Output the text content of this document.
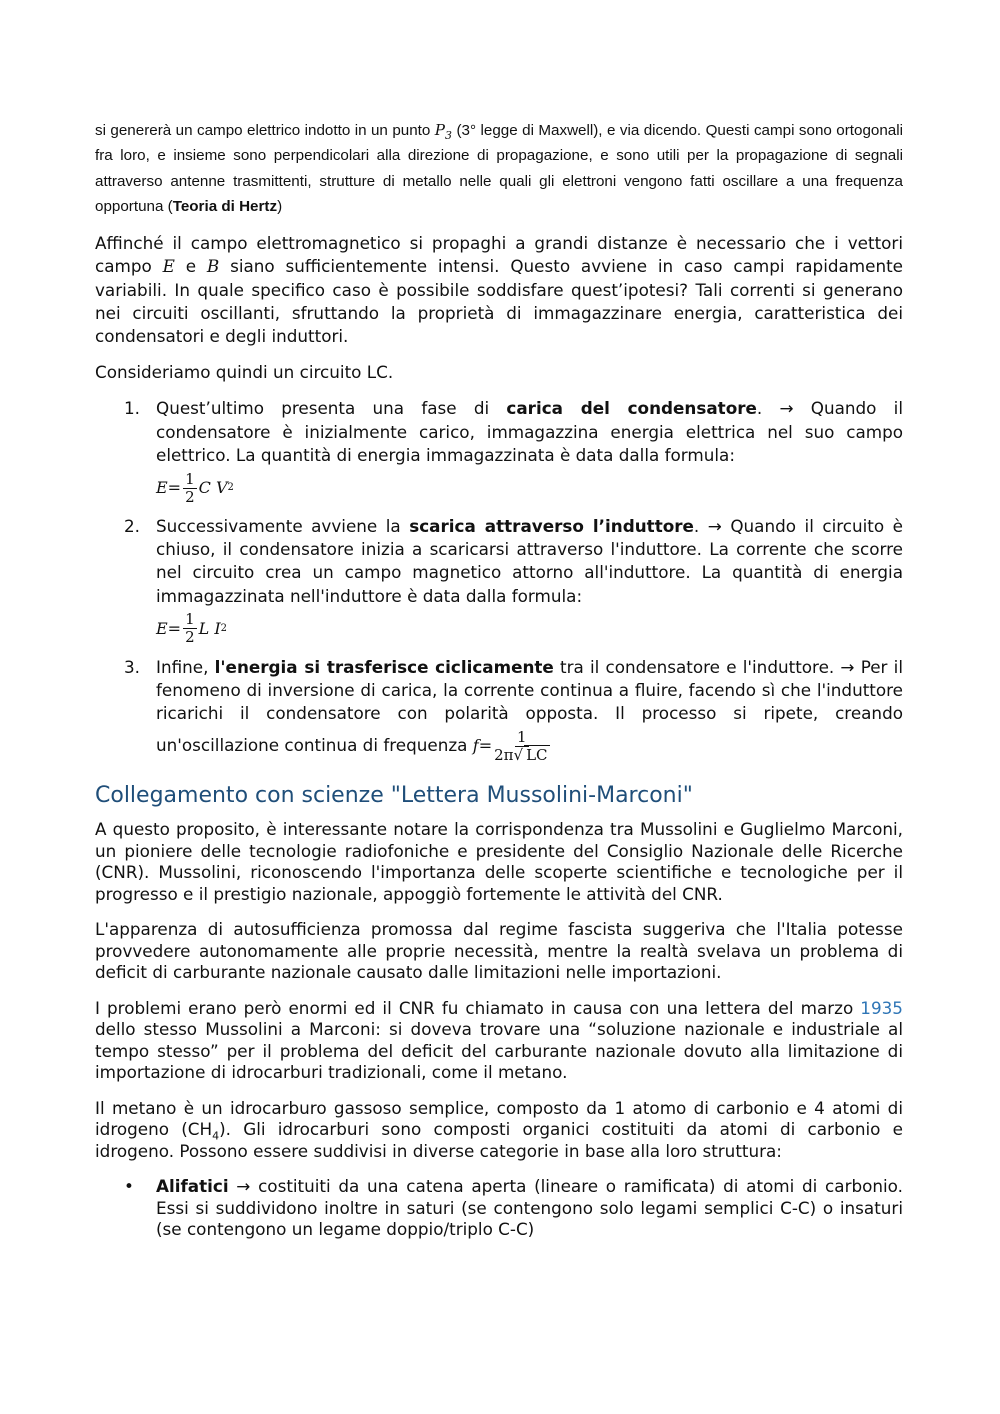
si genererà un campo elettrico indotto in un punto $P_3$ (3° legge di Maxwell), e via dicendo. Questi campi sono ortogonali fra loro, e insieme sono perpendicolari alla direzione di propagazione, e sono utili per la propagazione di segnali attraverso antenne trasmittenti, strutture di metallo nelle quali gli elettroni vengono fatti oscillare a una frequenza opportuna (Teoria di Hertz)

Affinché il campo elettromagnetico si propaghi a grandi distanze è necessario che i vettori campo E e B siano sufficientemente intensi. Questo avviene in caso campi rapidamente variabili. In quale specifico caso è possibile soddisfare quest’ipotesi? Tali correnti si generano nei circuiti oscillanti, sfruttando la proprietà di immagazzinare energia, caratteristica dei condensatori e degli induttori.

Consideriamo quindi un circuito LC.

1. Quest’ultimo presenta una fase di carica del condensatore. → Quando il condensatore è inizialmente carico, immagazzina energia elettrica nel suo campo elettrico. La quantità di energia immagazzinata è data dalla formula:

$E= \frac{1}{2}$ C V 2
2. Successivamente avviene la scarica attraverso l’induttore. → Quando il circuito è chiuso, il condensatore inizia a scaricarsi attraverso l'induttore. La corrente che scorre nel circuito crea un campo magnetico attorno all'induttore. La quantità di energia immagazzinata nell'induttore è data dalla formula:

$E= \frac{1}{2}$ L I 2
3. Infine, l'energia si trasferisce ciclicamente tra il condensatore e l'induttore. → Per il fenomeno di inversione di carica, la corrente continua a fluire, facendo sì che l'induttore ricarichi il condensatore con polarità opposta. Il processo si ripete, creando un'oscillazione continua di frequenza $f= \frac{1}{2\pi√ LC}$
Collegamento con scienze "Lettera Mussolini-Marconi"

A questo proposito, è interessante notare la corrispondenza tra Mussolini e Guglielmo Marconi, un pioniere delle tecnologie radiofoniche e presidente del Consiglio Nazionale delle Ricerche (CNR). Mussolini, riconoscendo l'importanza delle scoperte scientifiche e tecnologiche per il progresso e il prestigio nazionale, appoggiò fortemente le attività del CNR.

L'apparenza di autosufficienza promossa dal regime fascista suggeriva che l'Italia potesse provvedere autonomamente alle proprie necessità, mentre la realtà svelava un problema di deficit di carburante nazionale causato dalle limitazioni nelle importazioni.

I problemi erano però enormi ed il CNR fu chiamato in causa con una lettera del marzo 1935 dello stesso Mussolini a Marconi: si doveva trovare una “soluzione nazionale e industriale al tempo stesso” per il problema del deficit del carburante nazionale dovuto alla limitazione di importazione di idrocarburi tradizionali, come il metano.

Il metano è un idrocarburo gassoso semplice, composto da 1 atomo di carbonio e 4 atomi di idrogeno $(CH_4)$. Gli idrocarburi sono composti organici costituiti da atomi di carbonio e idrogeno. Possono essere suddivisi in diverse categorie in base alla loro struttura:

• Alifatici → costituiti da una catena aperta (lineare o ramificata) di atomi di carbonio. Essi si suddividono inoltre in saturi (se contengono solo legami semplici C-C) o insaturi (se contengono un legame doppio/triplo C-C)
